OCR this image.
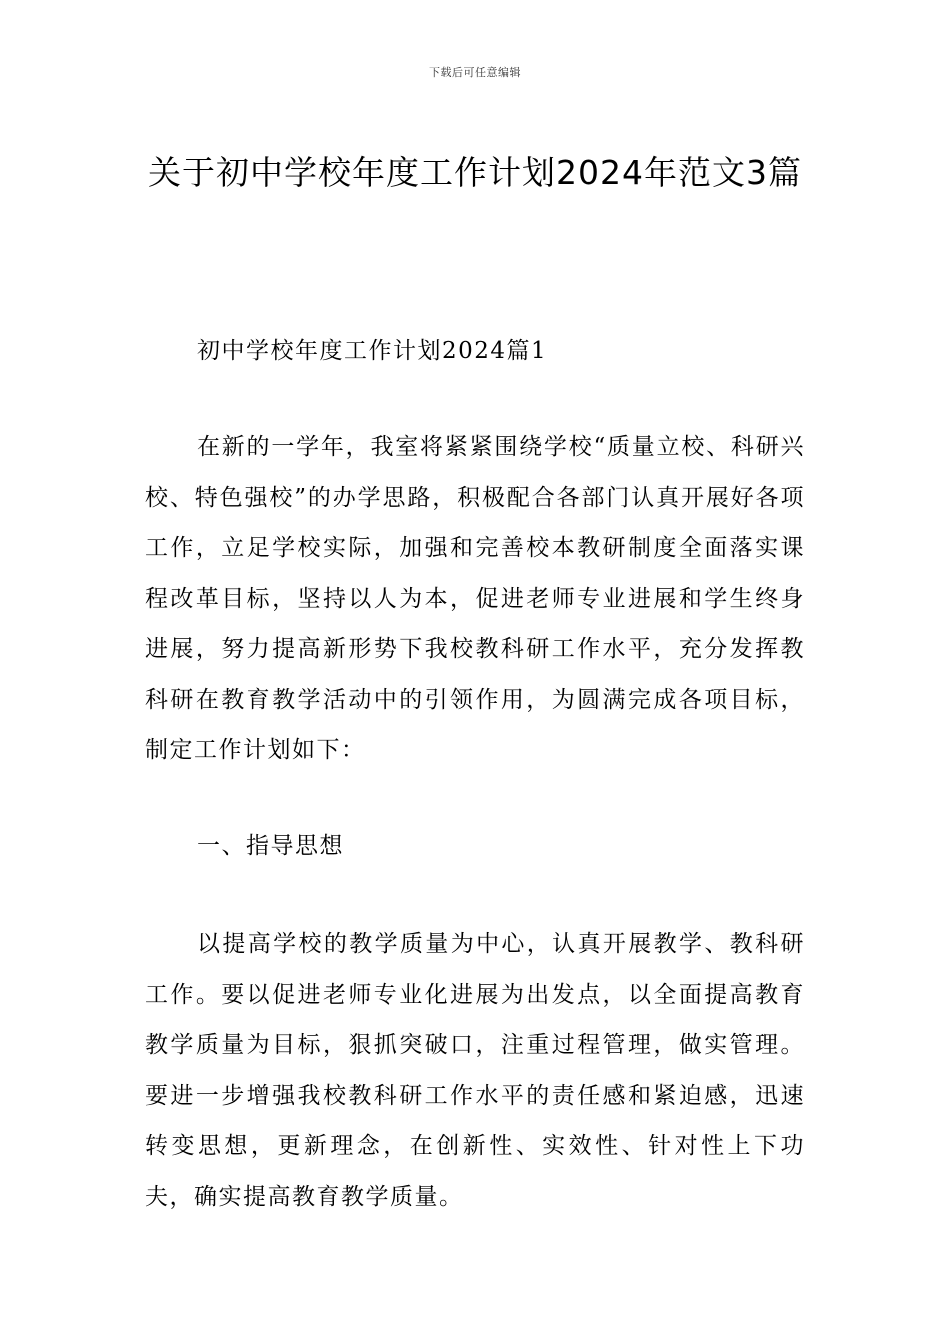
下载后可任意编辑
关于初中学校年度工作计划2024年范文3篇
初中学校年度工作计划2024篇1
在新的一学年，我室将紧紧围绕学校“质量立校、科研兴校、特色强校”的办学思路，积极配合各部门认真开展好各项工作，立足学校实际，加强和完善校本教研制度全面落实课程改革目标，坚持以人为本，促进老师专业进展和学生终身进展，努力提高新形势下我校教科研工作水平，充分发挥教科研在教育教学活动中的引领作用，为圆满完成各项目标，制定工作计划如下：
一、指导思想
以提高学校的教学质量为中心，认真开展教学、教科研工作。要以促进老师专业化进展为出发点，以全面提高教育教学质量为目标，狠抓突破口，注重过程管理，做实管理。要进一步增强我校教科研工作水平的责任感和紧迫感，迅速转变思想，更新理念，在创新性、实效性、针对性上下功夫，确实提高教育教学质量。
